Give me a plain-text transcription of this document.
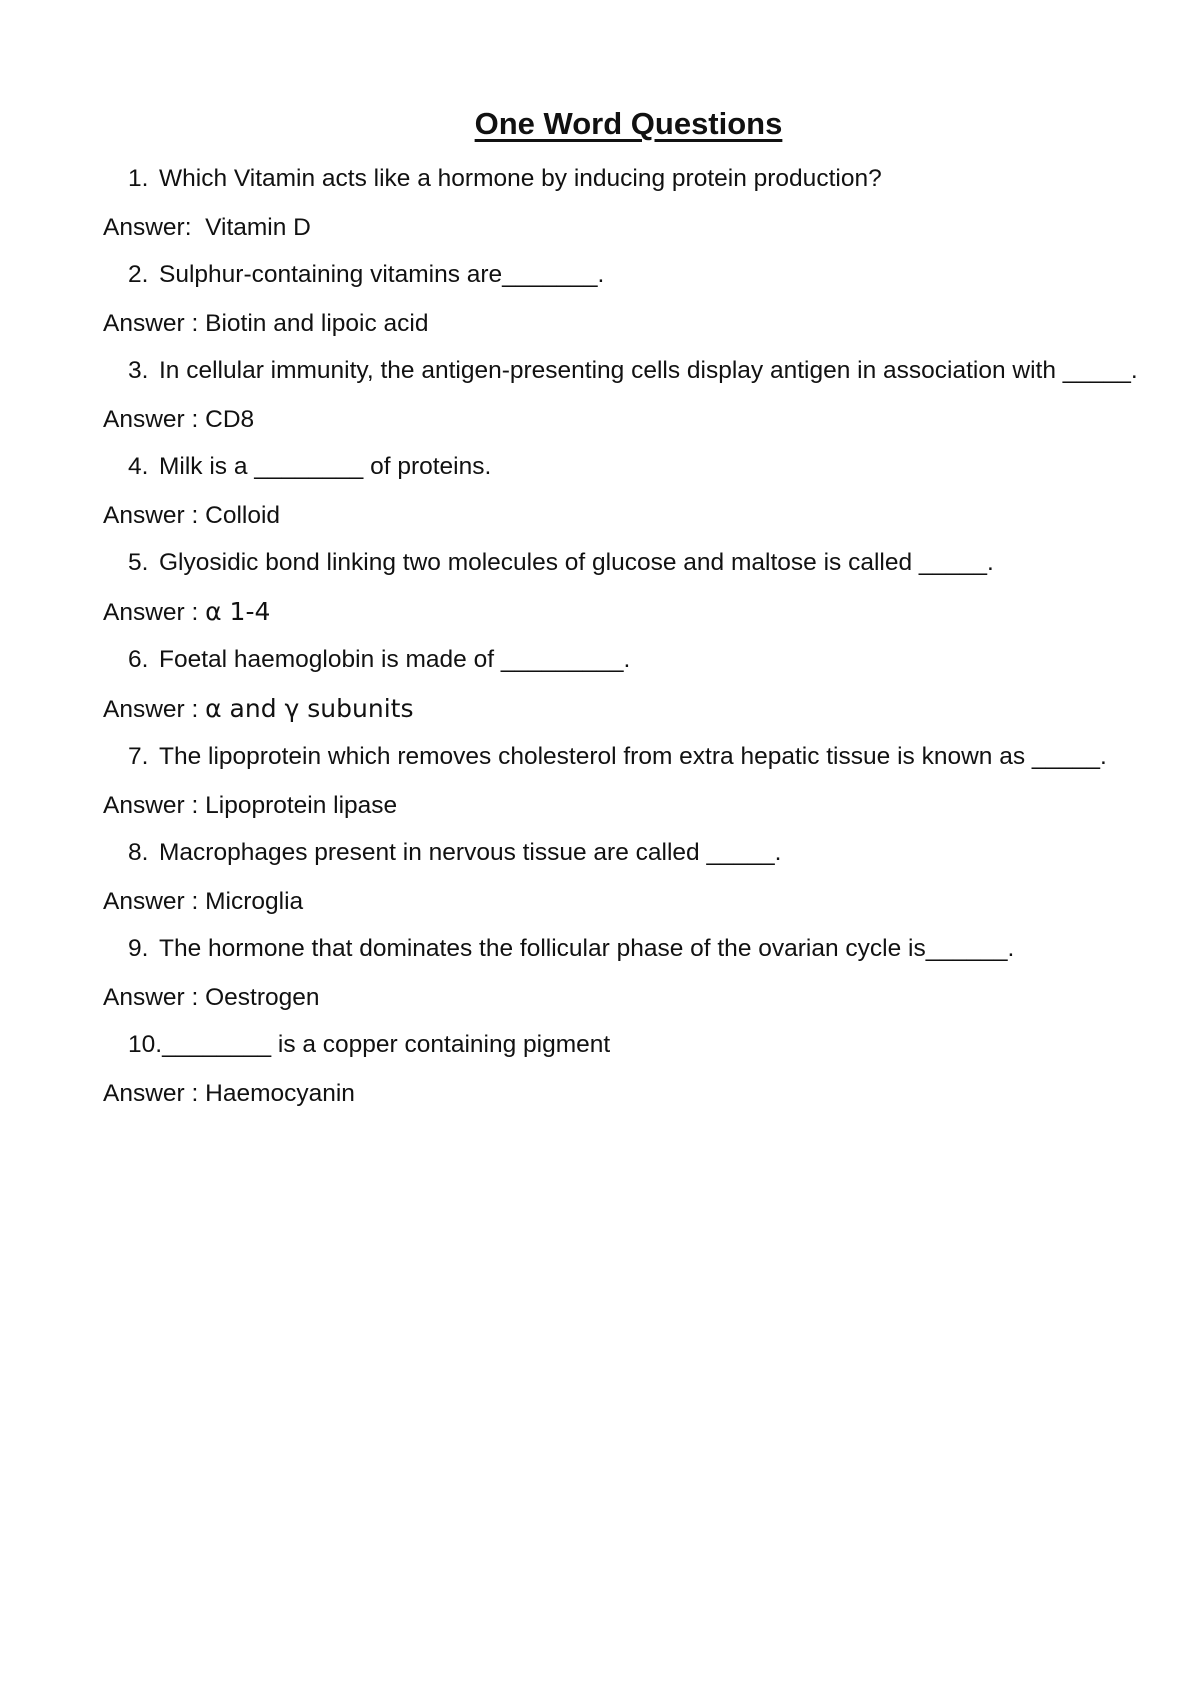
One Word Questions
1. Which Vitamin acts like a hormone by inducing protein production?
Answer:  Vitamin D
2. Sulphur-containing vitamins are_______.
Answer : Biotin and lipoic acid
3. In cellular immunity, the antigen-presenting cells display antigen in association with _____.
Answer : CD8
4. Milk is a ________ of proteins.
Answer : Colloid
5. Glyosidic bond linking two molecules of glucose and maltose is called _____.
Answer : α 1-4
6. Foetal haemoglobin is made of _________.
Answer : α and γ subunits
7. The lipoprotein which removes cholesterol from extra hepatic tissue is known as _____.
Answer : Lipoprotein lipase
8. Macrophages present in nervous tissue are called _____.
Answer : Microglia
9. The hormone that dominates the follicular phase of the ovarian cycle is______.
Answer : Oestrogen
10. ________ is a copper containing pigment
Answer : Haemocyanin
